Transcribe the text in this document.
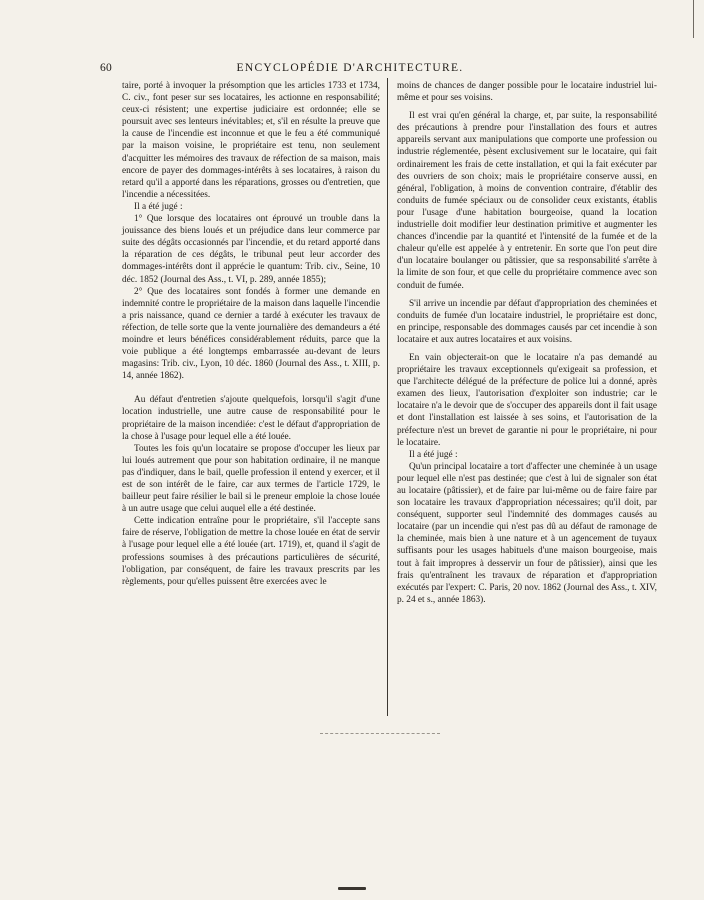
60	ENCYCLOPÉDIE D'ARCHITECTURE.

taire, porté à invoquer la présomption que les articles 1733 et 1734, C. civ., font peser sur ses locataires, les actionne en responsabilité; ceux-ci résistent; une expertise judiciaire est ordonnée; elle se poursuit avec ses lenteurs inévitables; et, s'il en résulte la preuve que la cause de l'incendie est inconnue et que le feu a été communiqué par la maison voisine, le propriétaire est tenu, non seulement d'acquitter les mémoires des travaux de réfection de sa maison, mais encore de payer des dommages-intérêts à ses locataires, à raison du retard qu'il a apporté dans les réparations, grosses ou d'entretien, que l'incendie a nécessitées.

Il a été jugé :

1° Que lorsque des locataires ont éprouvé un trouble dans la jouissance des biens loués et un préjudice dans leur commerce par suite des dégâts occasionnés par l'incendie, et du retard apporté dans la réparation de ces dégâts, le tribunal peut leur accorder des dommages-intérêts dont il apprécie le quantum: Trib. civ., Seine, 10 déc. 1852 (Journal des Ass., t. VI, p. 289, année 1855);

2° Que des locataires sont fondés à former une demande en indemnité contre le propriétaire de la maison dans laquelle l'incendie a pris naissance, quand ce dernier a tardé à exécuter les travaux de réfection, de telle sorte que la vente journalière des demandeurs a été moindre et leurs bénéfices considérablement réduits, parce que la voie publique a été longtemps embarrassée au-devant de leurs magasins: Trib. civ., Lyon, 10 déc. 1860 (Journal des Ass., t. XIII, p. 14, année 1862).

Au défaut d'entretien s'ajoute quelquefois, lorsqu'il s'agit d'une location industrielle, une autre cause de responsabilité pour le propriétaire de la maison incendiée: c'est le défaut d'appropriation de la chose à l'usage pour lequel elle a été louée.

Toutes les fois qu'un locataire se propose d'occuper les lieux par lui loués autrement que pour son habitation ordinaire, il ne manque pas d'indiquer, dans le bail, quelle profession il entend y exercer, et il est de son intérêt de le faire, car aux termes de l'article 1729, le bailleur peut faire résilier le bail si le preneur emploie la chose louée à un autre usage que celui auquel elle a été destinée.

Cette indication entraîne pour le propriétaire, s'il l'accepte sans faire de réserve, l'obligation de mettre la chose louée en état de servir à l'usage pour lequel elle a été louée (art. 1719), et, quand il s'agit de professions soumises à des précautions particulières de sécurité, l'obligation, par conséquent, de faire les travaux prescrits par les règlements, pour qu'elles puissent être exercées avec le

moins de chances de danger possible pour le locataire industriel lui-même et pour ses voisins.

Il est vrai qu'en général la charge, et, par suite, la responsabilité des précautions à prendre pour l'installation des fours et autres appareils servant aux manipulations que comporte une profession ou industrie réglementée, pèsent exclusivement sur le locataire, qui fait ordinairement les frais de cette installation, et qui la fait exécuter par des ouvriers de son choix; mais le propriétaire conserve aussi, en général, l'obligation, à moins de convention contraire, d'établir des conduits de fumée spéciaux ou de consolider ceux existants, établis pour l'usage d'une habitation bourgeoise, quand la location industrielle doit modifier leur destination primitive et augmenter les chances d'incendie par la quantité et l'intensité de la fumée et de la chaleur qu'elle est appelée à y entretenir. En sorte que l'on peut dire d'un locataire boulanger ou pâtissier, que sa responsabilité s'arrête à la limite de son four, et que celle du propriétaire commence avec son conduit de fumée.

S'il arrive un incendie par défaut d'appropriation des cheminées et conduits de fumée d'un locataire industriel, le propriétaire est donc, en principe, responsable des dommages causés par cet incendie à son locataire et aux autres locataires et aux voisins.

En vain objecterait-on que le locataire n'a pas demandé au propriétaire les travaux exceptionnels qu'exigeait sa profession, et que l'architecte délégué de la préfecture de police lui a donné, après examen des lieux, l'autorisation d'exploiter son industrie; car le locataire n'a le devoir que de s'occuper des appareils dont il fait usage et dont l'installation est laissée à ses soins, et l'autorisation de la préfecture n'est un brevet de garantie ni pour le propriétaire, ni pour le locataire.

Il a été jugé :

Qu'un principal locataire a tort d'affecter une cheminée à un usage pour lequel elle n'est pas destinée; que c'est à lui de signaler son état au locataire (pâtissier), et de faire par lui-même ou de faire faire par son locataire les travaux d'appropriation nécessaires; qu'il doit, par conséquent, supporter seul l'indemnité des dommages causés au locataire (par un incendie qui n'est pas dû au défaut de ramonage de la cheminée, mais bien à une nature et à un agencement de tuyaux suffisants pour les usages habituels d'une maison bourgeoise, mais tout à fait impropres à desservir un four de pâtissier), ainsi que les frais qu'entraînent les travaux de réparation et d'appropriation exécutés par l'expert: C. Paris, 20 nov. 1862 (Journal des Ass., t. XIV, p. 24 et s., année 1863).
